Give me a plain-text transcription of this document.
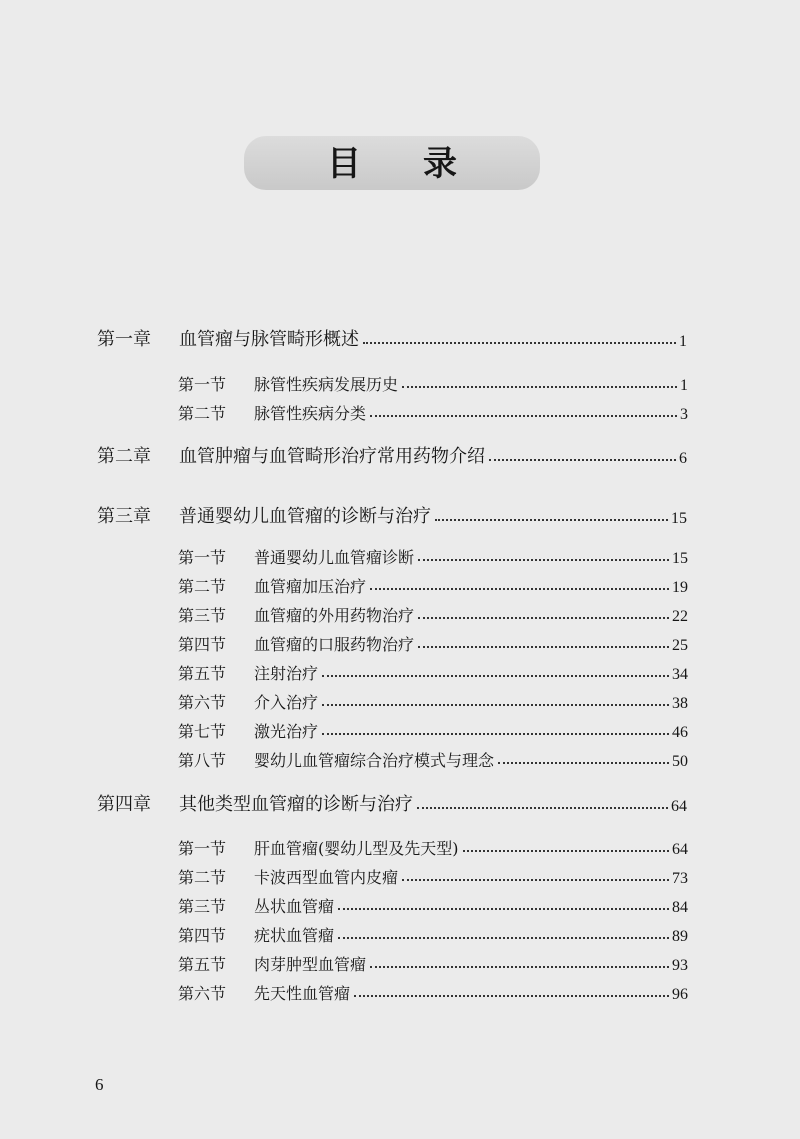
目录
第一章 血管瘤与脉管畸形概述	1
第一节 脉管性疾病发展历史	1
第二节 脉管性疾病分类	3
第二章 血管肿瘤与血管畸形治疗常用药物介绍	6
第三章 普通婴幼儿血管瘤的诊断与治疗	15
第一节 普通婴幼儿血管瘤诊断	15
第二节 血管瘤加压治疗	19
第三节 血管瘤的外用药物治疗	22
第四节 血管瘤的口服药物治疗	25
第五节 注射治疗	34
第六节 介入治疗	38
第七节 激光治疗	46
第八节 婴幼儿血管瘤综合治疗模式与理念	50
第四章 其他类型血管瘤的诊断与治疗	64
第一节 肝血管瘤(婴幼儿型及先天型)	64
第二节 卡波西型血管内皮瘤	73
第三节 丛状血管瘤	84
第四节 疣状血管瘤	89
第五节 肉芽肿型血管瘤	93
第六节 先天性血管瘤	96
6
